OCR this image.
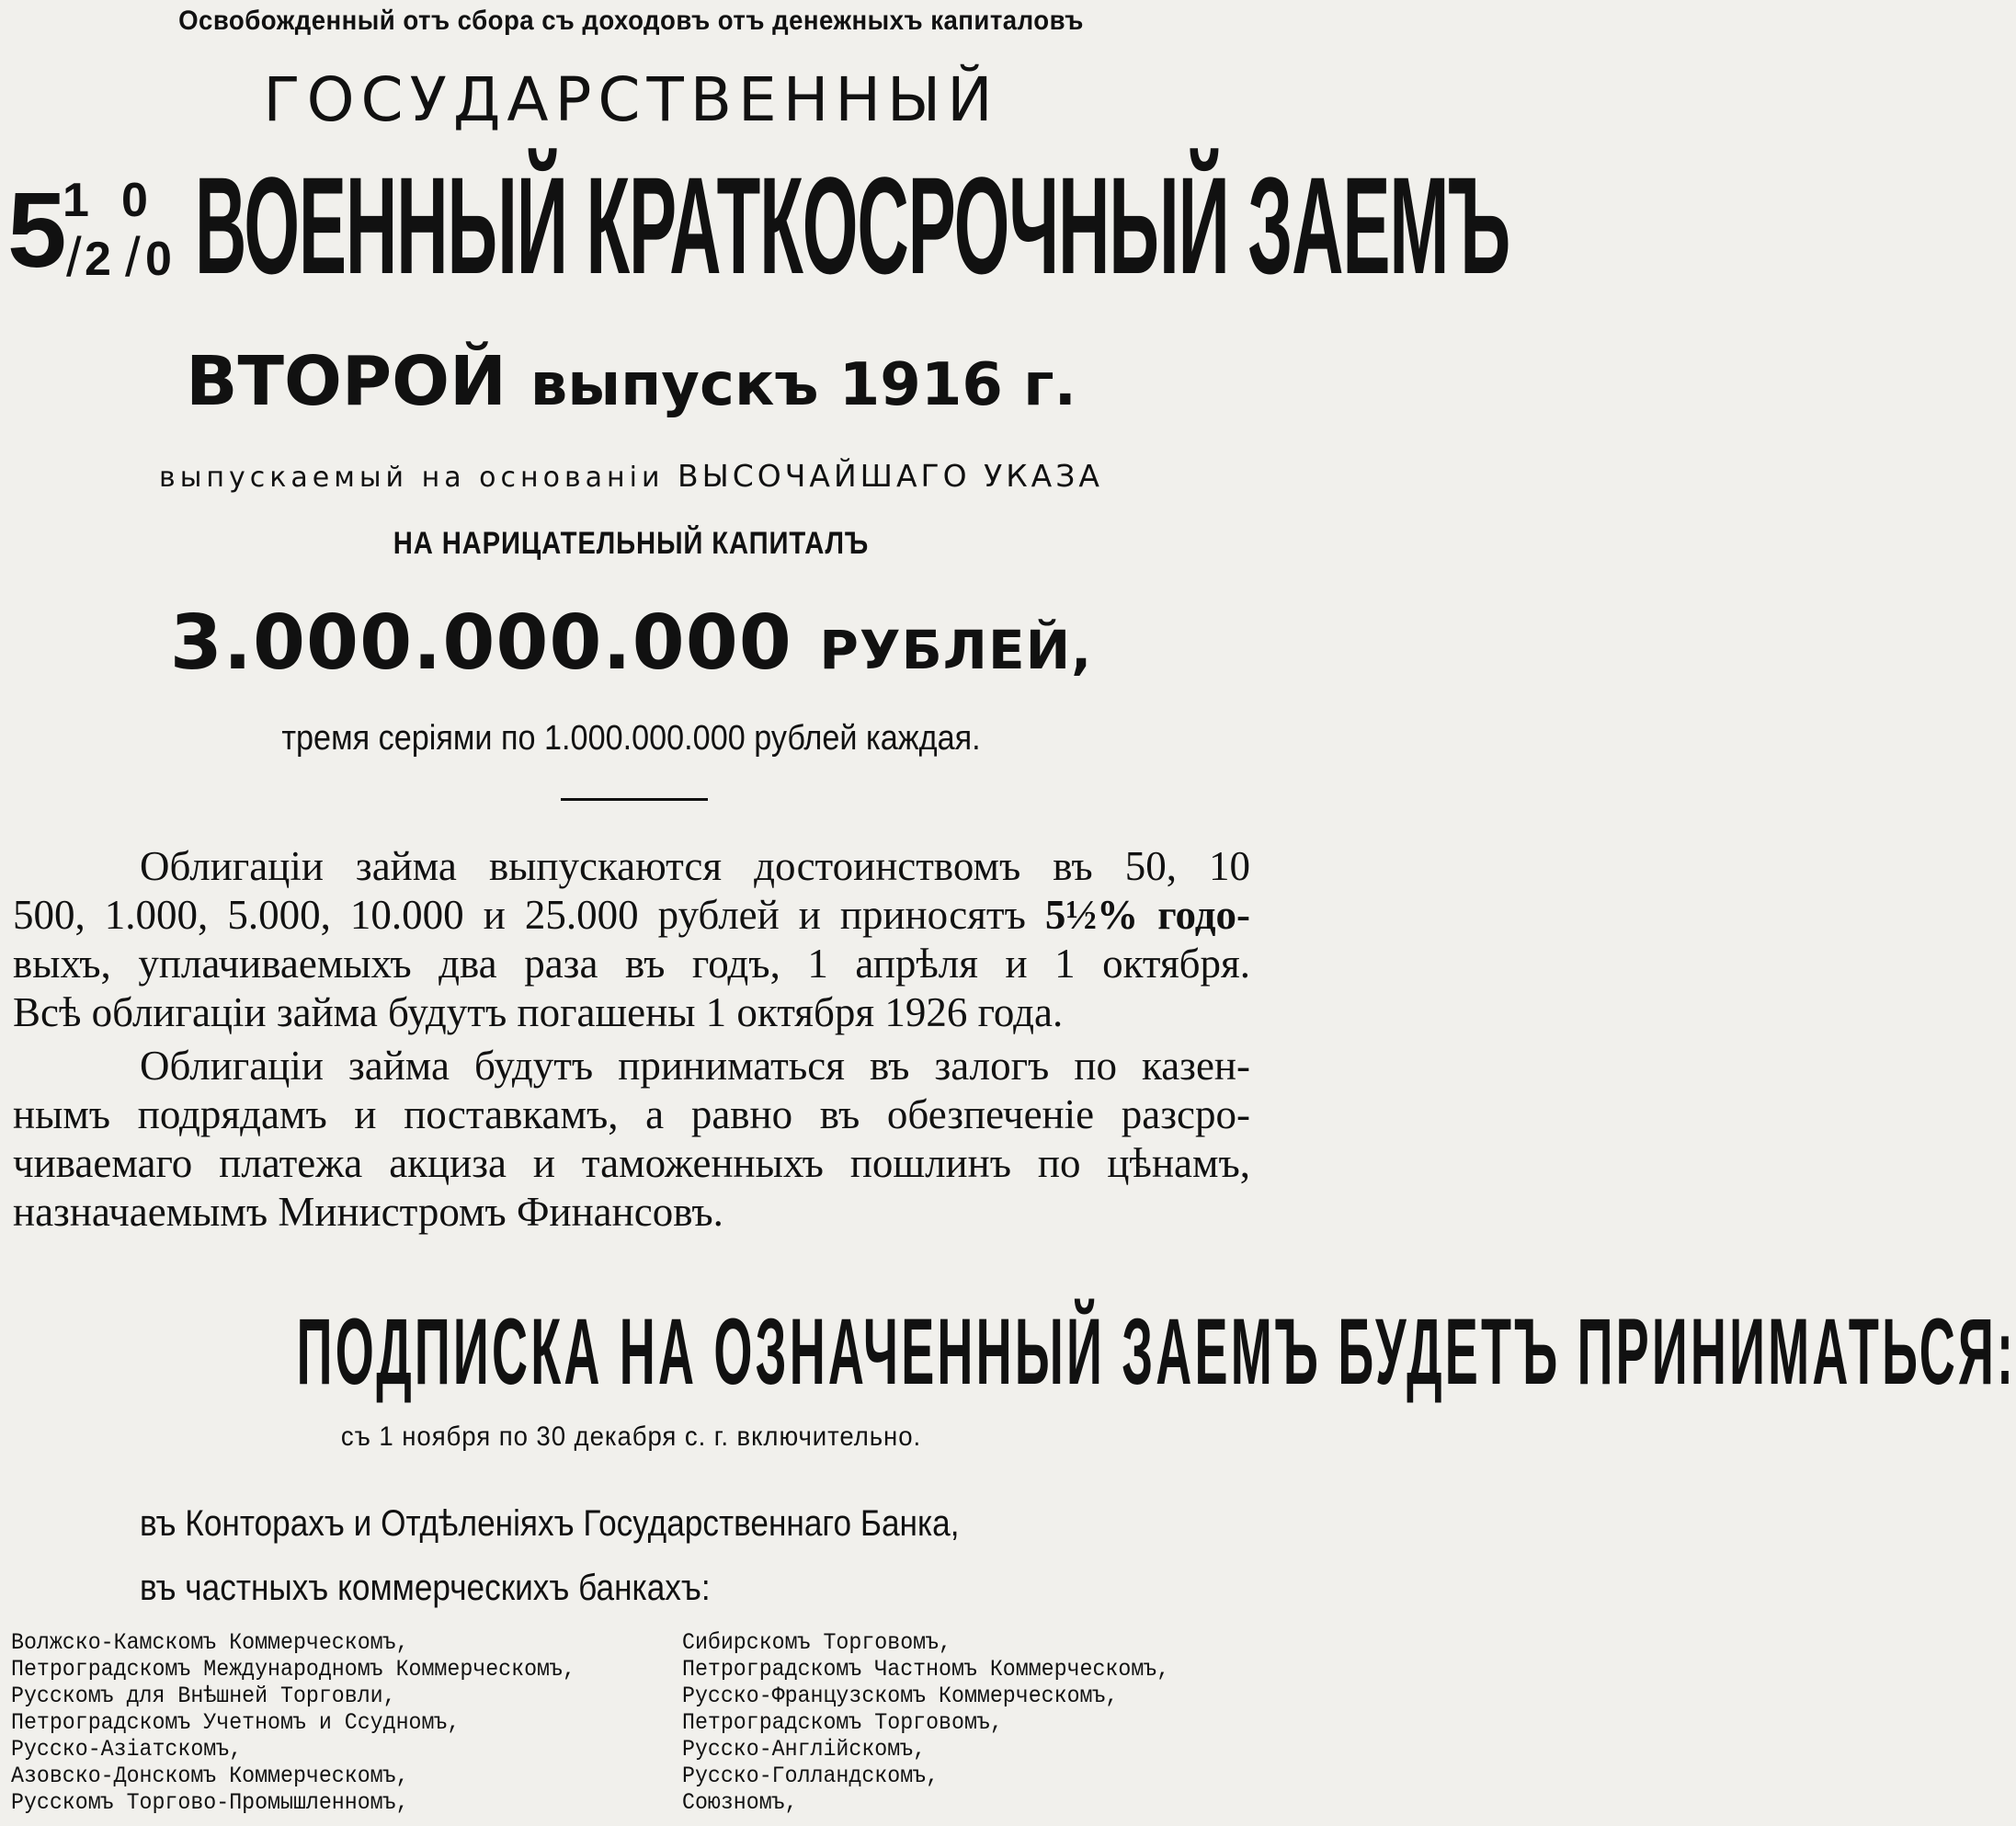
Освобожденный отъ сбора съ доходовъ отъ денежныхъ капиталовъ
ГОСУДАРСТВЕННЫЙ
5
1
/ 2
0
/ 0 ВОЕННЫЙ КРАТКОСРОЧНЫЙ ЗАЕМЪ
ВТОРОЙ выпускъ 1916 г.
выпускаемый на основаніи ВЫСОЧАЙШАГО УКАЗА
НА НАРИЦАТЕЛЬНЫЙ КАПИТАЛЪ
3.000.000.000 РУБЛЕЙ,
тремя серіями по 1.000.000.000 рублей каждая.
Облигаціи займа выпускаются достоинствомъ въ 50, 10
500, 1.000, 5.000, 10.000 и 25.000 рублей и приносятъ 5½% годо-
выхъ, уплачиваемыхъ два раза въ годъ, 1 апрѣля и 1 октября.
Всѣ облигаціи займа будутъ погашены 1 октября 1926 года.
Облигаціи займа будутъ приниматься въ залогъ по казен-
нымъ подрядамъ и поставкамъ, а равно въ обезпеченіе разсро-
чиваемаго платежа акциза и таможенныхъ пошлинъ по цѣнамъ,
назначаемымъ Министромъ Финансовъ.
ПОДПИСКА НА ОЗНАЧЕННЫЙ ЗАЕМЪ БУДЕТЪ ПРИНИМАТЬСЯ:
съ 1 ноября по 30 декабря с. г. включительно.
въ Конторахъ и Отдѣленіяхъ Государственнаго Банка,
въ частныхъ коммерческихъ банкахъ:
Волжско-Камскомъ Коммерческомъ,
Петроградскомъ Международномъ Коммерческомъ,
Русскомъ для Внѣшней Торговли,
Петроградскомъ Учетномъ и Ссудномъ,
Русско-Азіатскомъ,
Азовско-Донскомъ Коммерческомъ,
Русскомъ Торгово-Промышленномъ,
Сибирскомъ Торговомъ,
Петроградскомъ Частномъ Коммерческомъ,
Русско-Французскомъ Коммерческомъ,
Петроградскомъ Торговомъ,
Русско-Англійскомъ,
Русско-Голландскомъ,
Союзномъ,
